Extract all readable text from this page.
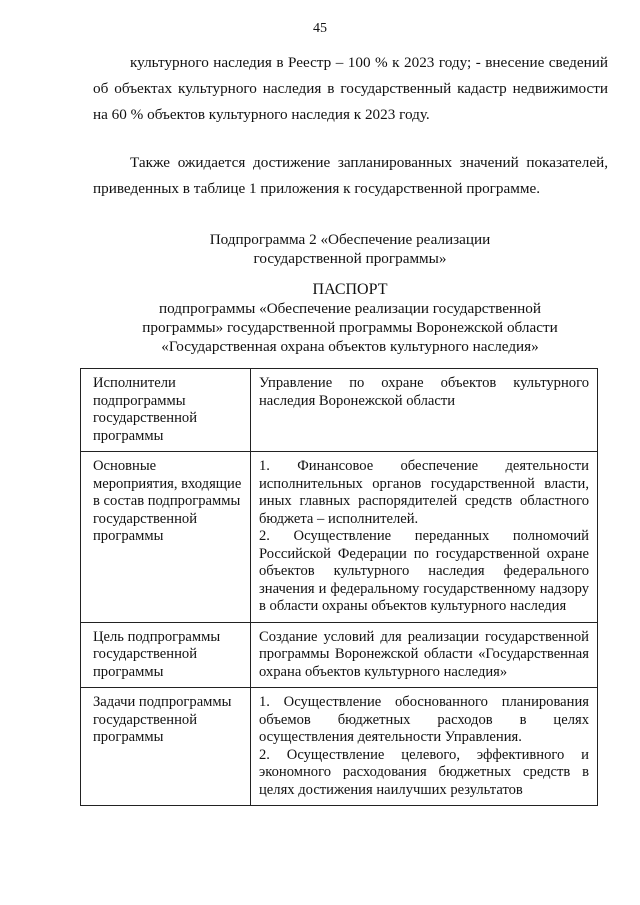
45
культурного наследия в Реестр – 100 % к 2023 году; - внесение сведений об объектах культурного наследия в государственный кадастр недвижимости на 60 % объектов культурного наследия к 2023 году.
Также ожидается достижение запланированных значений показателей, приведенных в таблице 1 приложения к государственной программе.
Подпрограмма 2 «Обеспечение реализации
государственной программы»
ПАСПОРТ
подпрограммы «Обеспечение реализации государственной
программы» государственной программы Воронежской области
«Государственная охрана объектов культурного наследия»
Исполнители подпрограммы государственной программы	Управление по охране объектов культурного наследия Воронежской области

Основные мероприятия, входящие в состав подпрограммы государственной программы	1. Финансовое обеспечение деятельности исполнительных органов государственной власти, иных главных распорядителей средств областного бюджета – исполнителей.

2. Осуществление переданных полномочий Российской Федерации по государственной охране объектов культурного наследия федерального значения и федеральному государственному надзору в области охраны объектов культурного наследия

Цель подпрограммы государственной программы	Создание условий для реализации государственной программы Воронежской области «Государственная охрана объектов культурного наследия»

Задачи подпрограммы государственной программы	1. Осуществление обоснованного планирования объемов бюджетных расходов в целях осуществления деятельности Управления.

2. Осуществление целевого, эффективного и экономного расходования бюджетных средств в целях достижения наилучших результатов
